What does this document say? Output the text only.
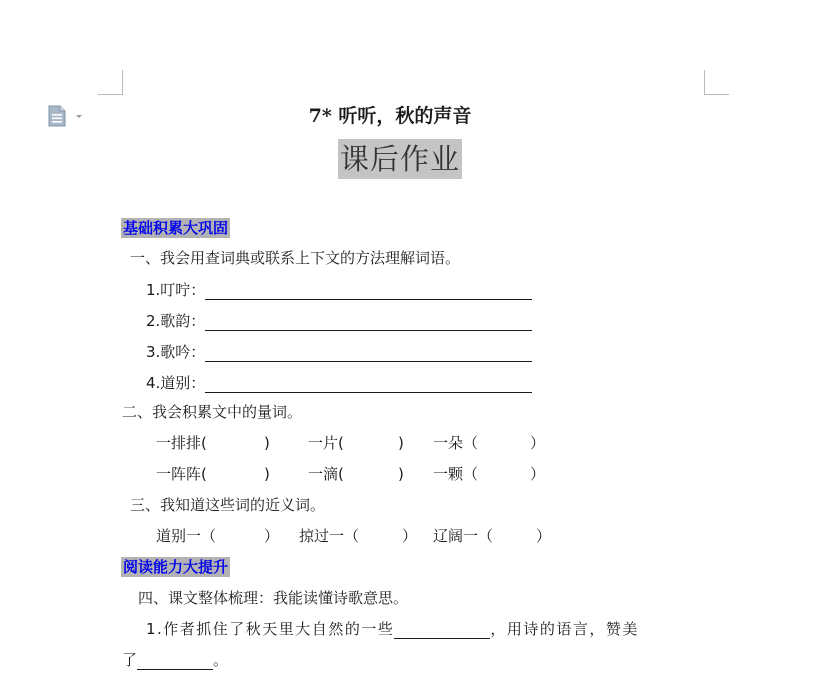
7* 听听，秋的声音
课后作业
基础积累大巩固
一、我会用查词典或联系上下文的方法理解词语。
1.叮咛：
2.歌韵：
3.歌吟：
4.道别：
二、我会积累文中的量词。
一排排(	)	一片(	) 一朵（	）
一阵阵(	)	一滴(	) 一颗（	）
三、我知道这些词的近义词。
道别一（	） 掠过一（	） 辽阔一（	）
阅读能力大提升
四、课文整体梳理：我能读懂诗歌意思。
1.作者抓住了秋天里大自然的一些	，用诗的语言，赞美
了	。
